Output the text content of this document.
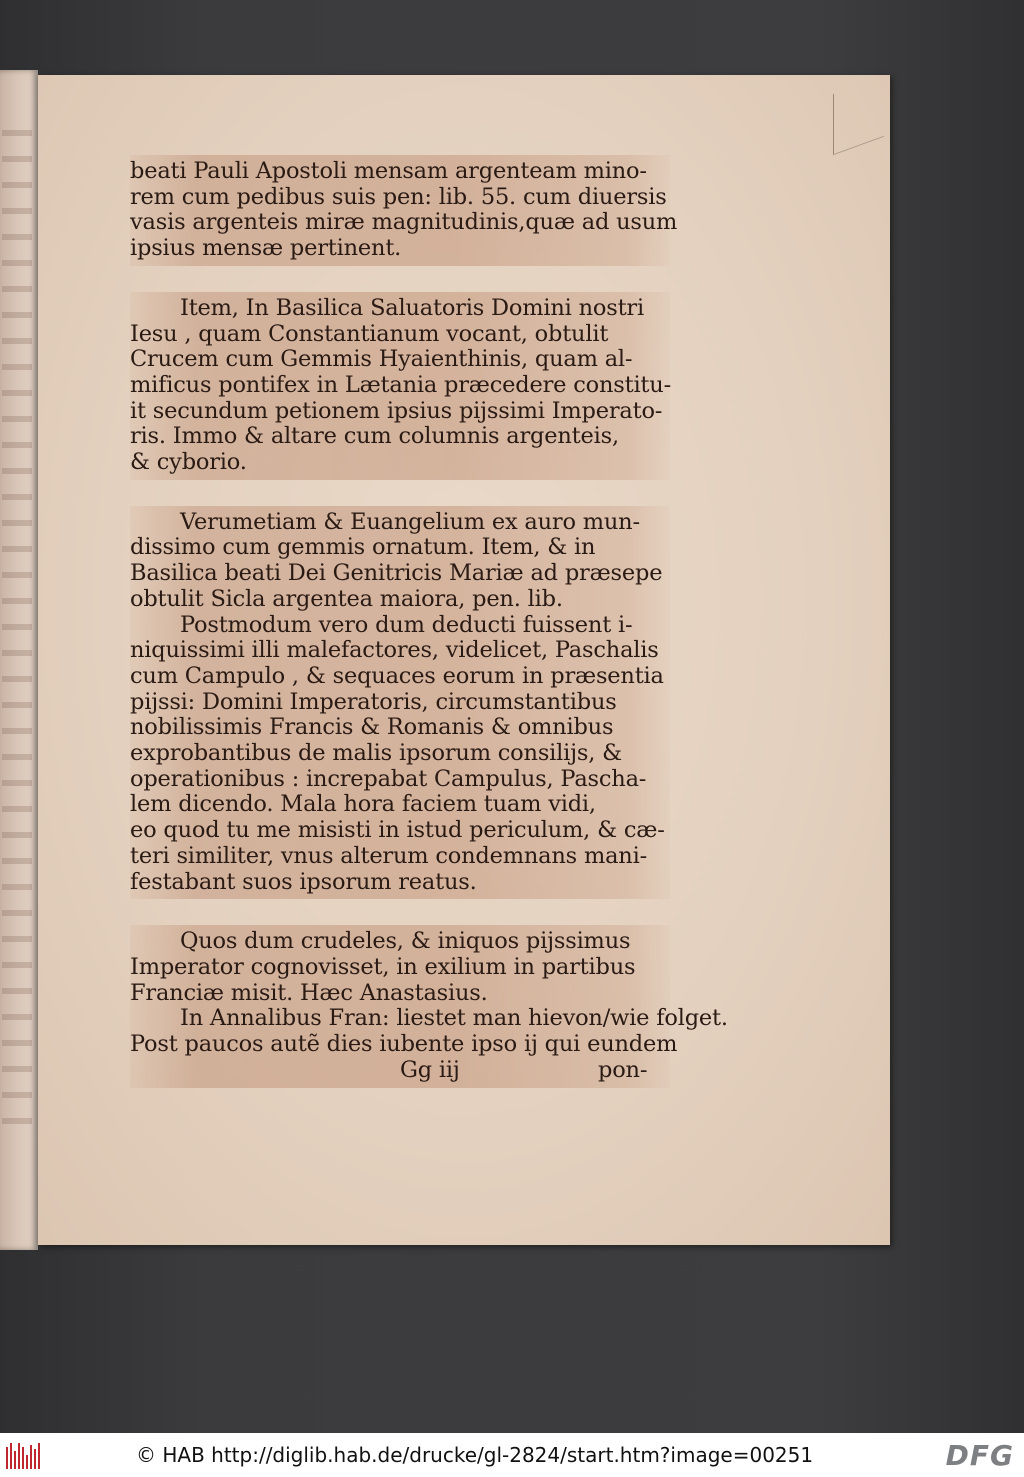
beati Pauli Apostoli mensam argenteam mino-
rem cum pedibus suis pen: lib. 55. cum diuersis
vasis argenteis miræ magnitudinis,quæ ad usum
ipsius mensæ pertinent.
Item, In Basilica Saluatoris Domini nostri
Iesu , quam Constantianum vocant, obtulit
Crucem cum Gemmis Hyaienthinis, quam al-
mificus pontifex in Lætania præcedere constitu-
it secundum petionem ipsius pijssimi Imperato-
ris. Immo & altare cum columnis argenteis,
& cyborio.
Verumetiam & Euangelium ex auro mun-
dissimo cum gemmis ornatum. Item, & in
Basilica beati Dei Genitricis Mariæ ad præsepe
obtulit Sicla argentea maiora, pen. lib.
Postmodum vero dum deducti fuissent i-
niquissimi illi malefactores, videlicet, Paschalis
cum Campulo , & sequaces eorum in præsentia
pijssi: Domini Imperatoris, circumstantibus
nobilissimis Francis & Romanis & omnibus
exprobantibus de malis ipsorum consilijs, &
operationibus : increpabat Campulus, Pascha-
lem dicendo. Mala hora faciem tuam vidi,
eo quod tu me misisti in istud periculum, & cæ-
teri similiter, vnus alterum condemnans mani-
festabant suos ipsorum reatus.
Quos dum crudeles, & iniquos pijssimus
Imperator cognovisset, in exilium in partibus
Franciæ misit. Hæc Anastasius.
In Annalibus Fran: liestet man hievon/wie folget.
Post paucos autẽ dies iubente ipso ij qui eundem

Gg iij	pon-
© HAB http://diglib.hab.de/drucke/gl-2824/start.htm?image=00251	DFG
